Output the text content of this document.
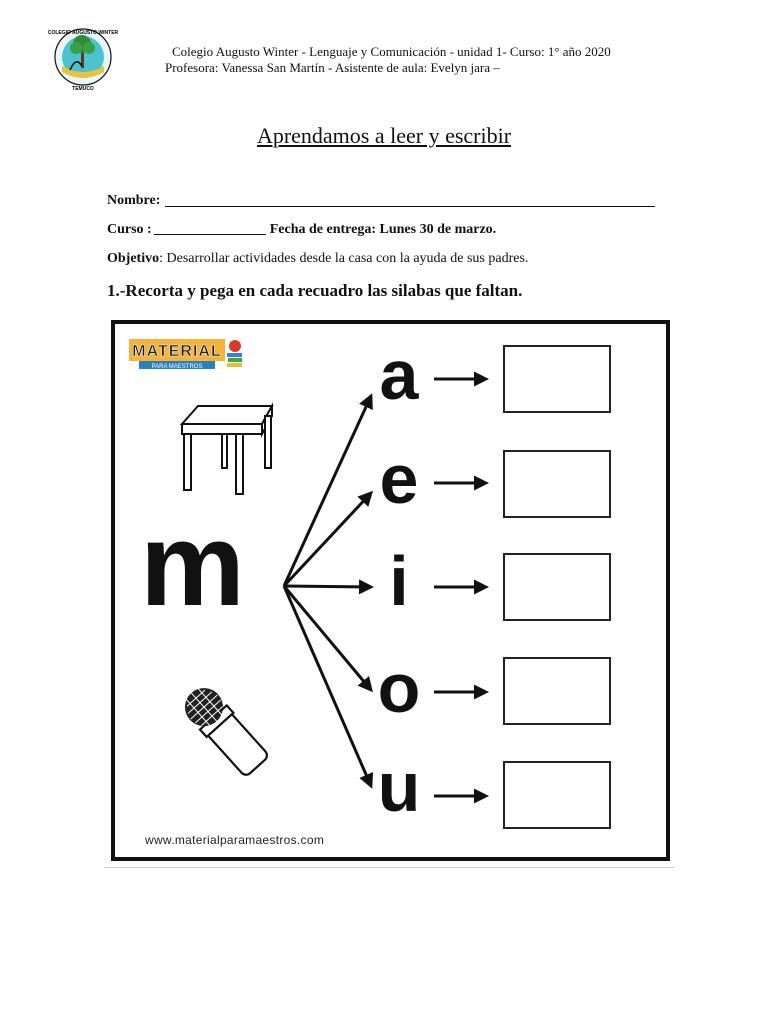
COLEGIO AUGUSTO WINTER
TEMUCO
Colegio Augusto Winter - Lenguaje y Comunicación - unidad 1- Curso: 1° año 2020
Profesora: Vanessa San Martín - Asistente de aula: Evelyn jara –
Aprendamos a leer y escribir
Nombre:
Curso :	Fecha de entrega: Lunes 30 de marzo.
Objetivo: Desarrollar actividades desde la casa con la ayuda de sus padres.
1.-Recorta y pega en cada recuadro las silabas que faltan.
MATERIAL
PARA MAESTROS
m
a
e
i
o
u
www.materialparamaestros.com
